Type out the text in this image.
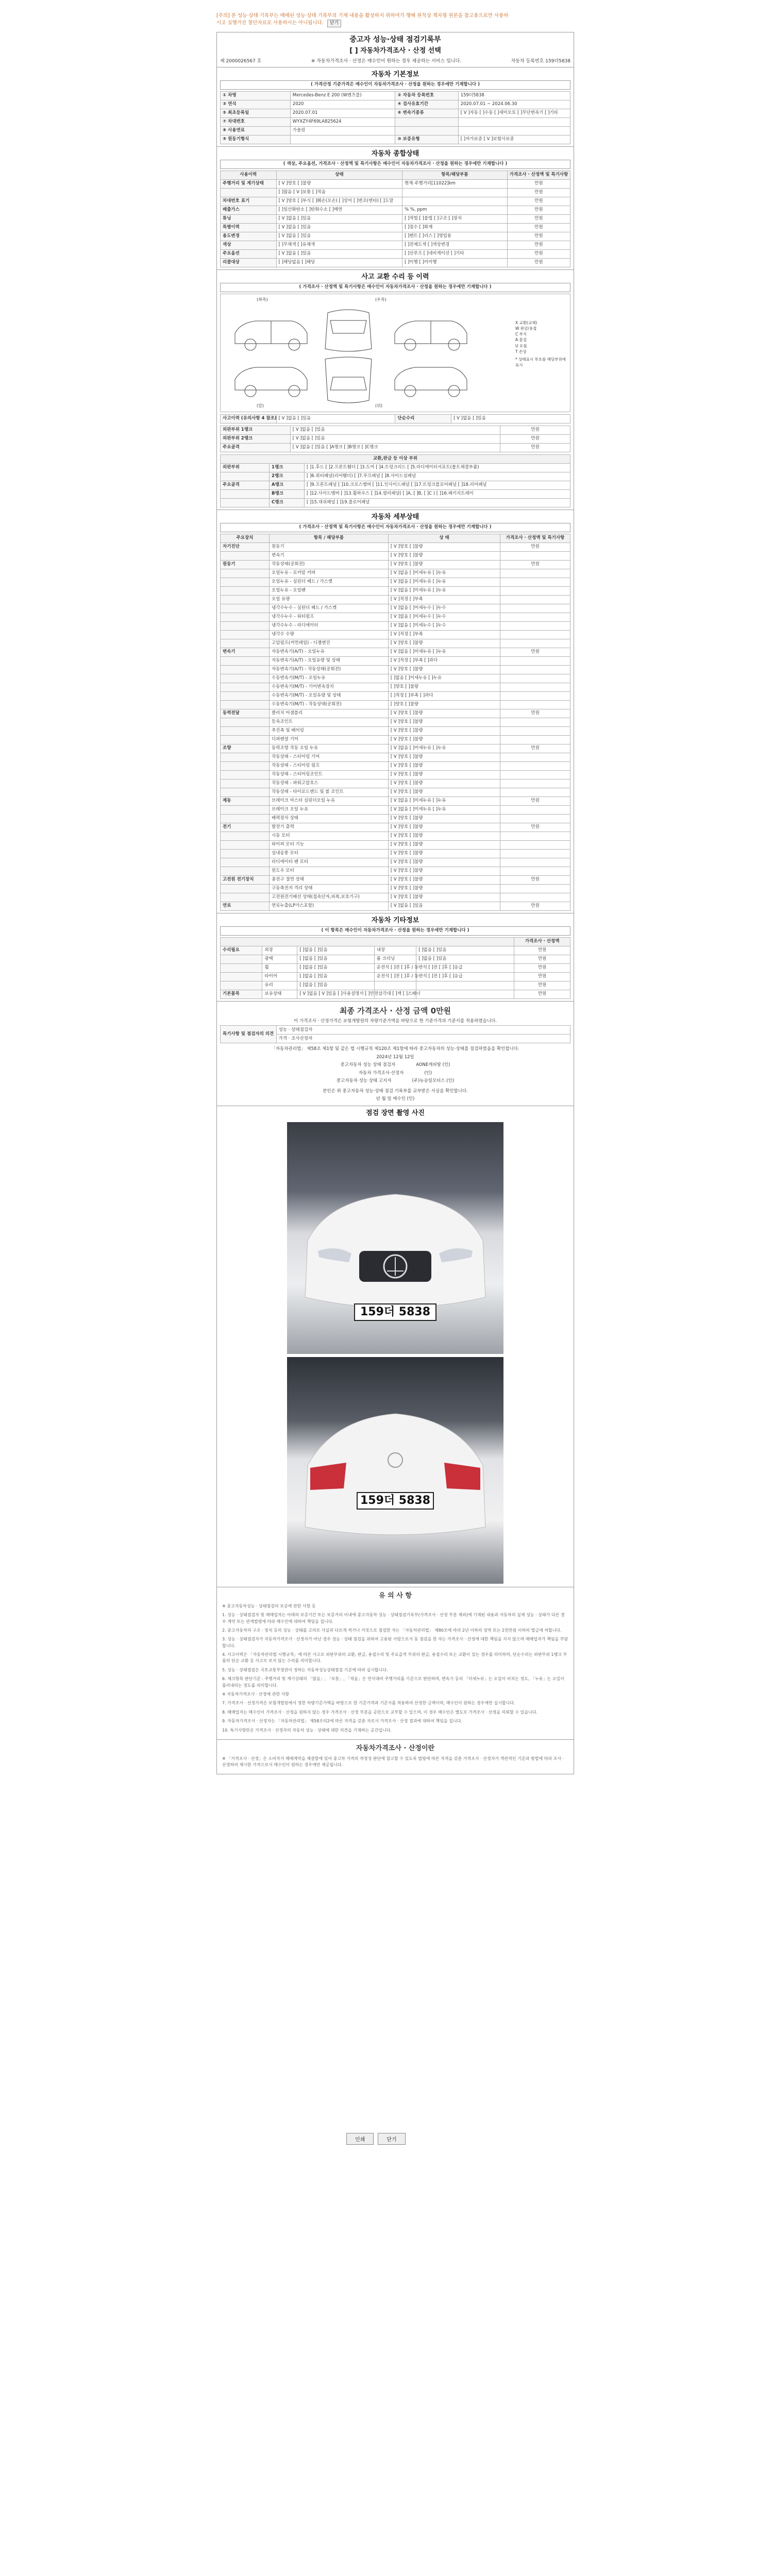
[주의] 본 성능·상태 기록부는 매매된 성능·상태 기록부의 기재 내용을 활성하지 위하여가 행해 원칙상 책자형 원본을 참고용으로만 사용하시고 실행거진 창단자료로 사용하시는 아니됩니다. 닫기
중고자 성능·상태 점검기록부
[ ] 자동차가격조사 · 산정 선택
제 2000026567 호	※ 자동차가격조사 · 산정은 매수인이 원하는 경우 제공하는 서비스 입니다.	자동차 등록번호 159더5838
자동차 기본정보
( 가격산정 기준가격은 매수인이 자동차가격조사 · 산정을 원하는 경우에만 기재합니다 )
① 차명	Mercedes-Benz E 200 (W벤츠플)	② 자동차 등록번호	159더5838
③ 연식	2020	④ 검사유효기간	2020.07.01 ~ 2024.06.30
⑤ 최초등록일	2020.07.01	⑥ 변속기종류	[ V ]자동 [ ]수동 [ ]세미오토 [ ]무단변속기 [ ]기타
⑦ 차대번호	WYXZY4F69LA825624		
⑧ 사용연료	가솔린		
⑨ 원동기형식		⑩ 보증유형	[ ]자가보증 [ V ]보험사보증
자동차 종합상태
( 색상, 주요옵션, 가격조사 · 산정액 및 특기사항은 매수인이 자동차가격조사 · 산정을 원하는 경우에만 기재합니다 )
사용이력	상태	항목/해당부품	가격조사 · 산정액 및 특기사항
주행거리 및 계기상태	[ V ]양호 [ ]불량	현재 주행거리[11022]km	만원
	[ ]많음 [ V ]보통 [ ]적음		만원
차대번호 표기	[ V ]양호 [ ]부식 [ ]훼손(오손) [ ]상이 [ ]변조(변타) [ ]도말		만원
배출가스	[ ]일산화탄소 [ ]탄화수소 [ ]매연	% %, ppm	만원
튜닝	[ V ]없음 [ ]있음	[ ]적법 [ ]불법 [ ]구조 [ ]장치	만원
특별이력	[ V ]없음 [ ]있음	[ ]침수 [ ]화재	만원
용도변경	[ V ]없음 [ ]있음	[ ]렌트 [ ]리스 [ ]영업용	만원
색상	[ ]무채색 [ ]유채색	[ ]전체도색 [ ]색상변경	만원
주요옵션	[ V ]없음 [ ]있음	[ ]선루프 [ ]네비게이션 [ ]기타	만원
리콜대상	[ ]해당없음 [ ]해당	[ ]이행 [ ]미이행	만원
사고 교환 수리 등 이력
( 가격조사 · 산정액 및 특기사항은 매수인이 자동차가격조사 · 산정을 원하는 경우에만 기재합니다 )
(좌측)	(우측)
(앞)	(뒤)
X 교환(교체)
W 판금/용접
C 부식
A 흠집
U 요철
T 손상
* 상태표시 부호를 해당부위에 표시
사고이력 (유의사항 4 참조)	[ V ]없음 [ ]있음	단순수리	[ V ]없음 [ ]있음
외판부위 1랭크	[ V ]없음 [ ]있음	만원
외판부위 2랭크	[ V ]없음 [ ]있음	만원
주요골격	[ V ]없음 [ ]있음 [ ]A랭크 [ ]B랭크 [ ]C랭크	만원
교환,판금 등 이상 부위		
외판부위	1랭크	[ ]1.후드 [ ]2.프론트휀더 [ ]3.도어 [ ]4.트렁크리드 [ ]5.라디에이터서포트(볼트체결부품)
	2랭크	[ ]6.쿼터패널(리어휀더) [ ]7.루프패널 [ ]8.사이드실패널
주요골격	A랭크	[ ]9.프론트패널 [ ]10.크로스멤버 [ ]11.인사이드패널 [ ]17.트렁크플로어패널 [ ]18.리어패널
	B랭크	[ ]12.사이드멤버 [ ]13.휠하우스 [ ]14.필러패널( [ ]A, [ ]B, [ ]C ) [ ]16.패키지트레이
	C랭크	[ ]15.대쉬패널 [ ]19.플로어패널
자동차 세부상태
( 가격조사 · 산정액 및 특기사항은 매수인이 자동차가격조사 · 산정을 원하는 경우에만 기재합니다 )
주요장치	항목 / 해당부품	상 태	가격조사 · 산정액 및 특기사항
자기진단	원동기	[ V ]양호 [ ]불량	만원
	변속기	[ V ]양호 [ ]불량	
원동기	작동상태(공회전)	[ V ]양호 [ ]불량	만원
	오일누유 - 로커암 커버	[ V ]없음 [ ]미세누유 [ ]누유	
	오일누유 - 실린더 헤드 / 가스켓	[ V ]없음 [ ]미세누유 [ ]누유	
	오일누유 - 오일팬	[ V ]없음 [ ]미세누유 [ ]누유	
	오일 유량	[ V ]적정 [ ]부족	
	냉각수누수 - 실린더 헤드 / 가스켓	[ V ]없음 [ ]미세누수 [ ]누수	
	냉각수누수 - 워터펌프	[ V ]없음 [ ]미세누수 [ ]누수	
	냉각수누수 - 라디에이터	[ V ]없음 [ ]미세누수 [ ]누수	
	냉각수 수량	[ V ]적정 [ ]부족	
	고압펌프(커먼레일) - 디젤엔진	[ V ]양호 [ ]불량	
변속기	자동변속기(A/T) - 오일누유	[ V ]없음 [ ]미세누유 [ ]누유	만원
	자동변속기(A/T) - 오일유량 및 상태	[ V ]적정 [ ]부족 [ ]과다	
	자동변속기(A/T) - 작동상태(공회전)	[ V ]양호 [ ]불량	
	수동변속기(M/T) - 오일누유	[ ]없음 [ ]미세누유 [ ]누유	
	수동변속기(M/T) - 기어변속장치	[ ]양호 [ ]불량	
	수동변속기(M/T) - 오일유량 및 상태	[ ]적정 [ ]부족 [ ]과다	
	수동변속기(M/T) - 작동상태(공회전)	[ ]양호 [ ]불량	
동력전달	클러치 어셈블리	[ V ]양호 [ ]불량	만원
	등속조인트	[ V ]양호 [ ]불량	
	추진축 및 베어링	[ V ]양호 [ ]불량	
	디퍼렌셜 기어	[ V ]양호 [ ]불량	
조향	동력조향 작동 오일 누유	[ V ]없음 [ ]미세누유 [ ]누유	만원
	작동상태 - 스티어링 기어	[ V ]양호 [ ]불량	
	작동상태 - 스티어링 펌프	[ V ]양호 [ ]불량	
	작동상태 - 스티어링조인트	[ V ]양호 [ ]불량	
	작동상태 - 파워고압호스	[ V ]양호 [ ]불량	
	작동상태 - 타이로드엔드 및 볼 조인트	[ V ]양호 [ ]불량	
제동	브레이크 마스터 실린더오일 누유	[ V ]없음 [ ]미세누유 [ ]누유	만원
	브레이크 오일 누유	[ V ]없음 [ ]미세누유 [ ]누유	
	배력장치 상태	[ V ]양호 [ ]불량	
전기	발전기 출력	[ V ]양호 [ ]불량	만원
	시동 모터	[ V ]양호 [ ]불량	
	와이퍼 모터 기능	[ V ]양호 [ ]불량	
	실내송풍 모터	[ V ]양호 [ ]불량	
	라디에이터 팬 모터	[ V ]양호 [ ]불량	
	윈도우 모터	[ V ]양호 [ ]불량	
고전원 전기장치	충전구 절연 상태	[ V ]양호 [ ]불량	만원
	구동축전지 격리 상태	[ V ]양호 [ ]불량	
	고전원전기배선 상태(접속단자,피복,보호기구)	[ V ]양호 [ ]불량	
연료	연료누출(LP가스포함)	[ V ]없음 [ ]있음	만원
자동차 기타정보
( 이 항목은 매수인이 자동차가격조사 · 산정을 원하는 경우에만 기재합니다 )
					가격조사 · 산정액
수리필요	외장	[ ]없음 [ ]있음	내장	[ ]없음 [ ]있음	만원
	광택	[ ]없음 [ ]있음	룸 크리닝	[ ]없음 [ ]있음	만원
	휠	[ ]없음 [ ]있음	운전석 [ ]전 [ ]후 / 동반석 [ ]전 [ ]후 [ ]응급		만원
	타이어	[ ]없음 [ ]있음	운전석 [ ]전 [ ]후 / 동반석 [ ]전 [ ]후 [ ]응급		만원
	유리	[ ]없음 [ ]있음			만원
기본품목	보유상태	[ V ]없음 [ V ]있음 [ ]사용설명서 [ ]안전삼각대 [ ]잭 [ ]스패너			만원
최종 가격조사 · 산정 금액 0만원
이 가격조사 · 산정가격은 보험개발원의 차량기준가액을 바탕으로 한 기준가격과 기준서를 적용하였습니다.
특기사항 및 점검자의 의견	성능 · 상태점검자
가격 · 조사산정자
「자동차관리법」 제58조 제1항 및 같은 법 시행규칙 제120조 제1항에 따라 중고자동차의 성능·상태를 점검하였음을 확인합니다.
2024년 12월 12일
중고자동차 성능 상태 점검자	AONE캐피탈 (인)
자동차 가격조사·산정자	(인)
중고자동차 성능 상태 고지자	(주)뉴승일모터스 (인)
본인은 위 중고자동차 성능·상태 점검 기록부를 교부받은 사실을 확인합니다.
년 월 일 매수인 (인)
점검 장면 촬영 사진
159더 5838
159더 5838
유 의 사 항

※ 중고자동차성능 · 상태점검의 보증에 관한 사항 등

1. 성능 · 상태점검자 및 매매업자는 아래의 보증기간 또는 보증거리 이내에 중고자동차 성능 · 상태점검기록부(가격조사 · 산정 부분 제외)에 기재된 내용과 자동차의 실제 성능 · 상태가 다른 경우 계약 또는 관계법령에 따라 매수인에 대하여 책임을 집니다.

2. 중고자동차의 구조 · 장치 등의 성능 · 상태를 고의로 사실과 다르게 적거나 거짓으로 점검한 자는 「자동차관리법」 제80조에 따라 2년 이하의 징역 또는 2천만원 이하의 벌금에 처합니다.

3. 성능 · 상태점검자가 자동차가격조사 · 산정자가 아닌 경우 성능 · 상태 점검을 위하여 고용된 사람으로서 동 점검을 한 자는 가격조사 · 산정에 대한 책임을 지지 않으며 매매업자가 책임을 부담합니다.

4. 사고이력은 「자동차관리법 시행규칙」에 따른 사고로 외판부위의 교환, 판금, 용접수리 및 주요골격 부위의 판금, 용접수리 또는 교환이 있는 경우를 의미하며, 단순수리는 외판부위 1랭크 부품의 단순 교환 등 사고로 보지 않는 수리를 의미합니다.

5. 성능 · 상태점검은 국토교통부장관이 정하는 자동차성능상태점검 기준에 따라 실시합니다.

6. 체크항목 판단기준 : 주행거리 및 계기상태의 「많음」, 「보통」, 「적음」은 연식대비 주행거리를 기준으로 판단하며, 변속기 등의 「미세누유」는 오일이 비치는 정도, 「누유」는 오일이 흘러내리는 정도를 의미합니다.

※ 자동차가격조사 · 산정에 관한 사항

7. 가격조사 · 산정가격은 보험개발원에서 정한 차량기준가액을 바탕으로 한 기준가격과 기준서를 적용하여 산정한 금액이며, 매수인이 원하는 경우에만 실시합니다.

8. 매매업자는 매수인이 가격조사 · 산정을 원하지 않는 경우 가격조사 · 산정 부분을 공란으로 교부할 수 있으며, 이 경우 매수인은 별도로 가격조사 · 산정을 의뢰할 수 있습니다.

9. 자동차가격조사 · 산정자는 「자동차관리법」 제58조의2에 따른 자격을 갖춘 자로서 가격조사 · 산정 결과에 대하여 책임을 집니다.

10. 특기사항란은 가격조사 · 산정자의 자동차 성능 · 상태에 대한 의견을 기재하는 공간입니다.

자동차가격조사 · 산정이란

※ 「가격조사 · 산정」은 소비자가 매매계약을 체결함에 있어 중고차 가격의 적정성 판단에 참고할 수 있도록 법령에 따른 자격을 갖춘 가격조사 · 산정자가 객관적인 기준과 방법에 따라 조사 · 산정하여 제시한 가격으로서 매수인이 원하는 경우에만 제공됩니다.

인쇄	닫기
